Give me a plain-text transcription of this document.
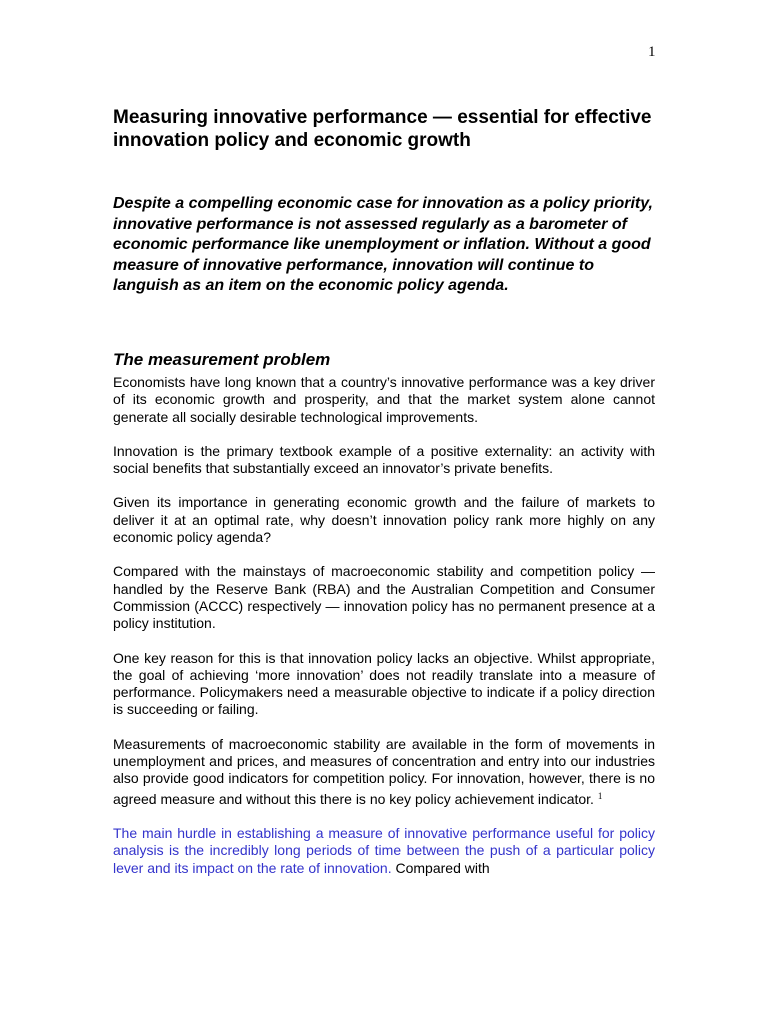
1
Measuring innovative performance — essential for effective innovation policy and economic growth

Despite a compelling economic case for innovation as a policy priority, innovative performance is not assessed regularly as a barometer of economic performance like unemployment or inflation. Without a good measure of innovative performance, innovation will continue to languish as an item on the economic policy agenda.

The measurement problem

Economists have long known that a country’s innovative performance was a key driver of its economic growth and prosperity, and that the market system alone cannot generate all socially desirable technological improvements.

Innovation is the primary textbook example of a positive externality: an activity with social benefits that substantially exceed an innovator’s private benefits.

Given its importance in generating economic growth and the failure of markets to deliver it at an optimal rate, why doesn’t innovation policy rank more highly on any economic policy agenda?

Compared with the mainstays of macroeconomic stability and competition policy — handled by the Reserve Bank (RBA) and the Australian Competition and Consumer Commission (ACCC) respectively — innovation policy has no permanent presence at a policy institution.

One key reason for this is that innovation policy lacks an objective. Whilst appropriate, the goal of achieving ‘more innovation’ does not readily translate into a measure of performance. Policymakers need a measurable objective to indicate if a policy direction is succeeding or failing.

Measurements of macroeconomic stability are available in the form of movements in unemployment and prices, and measures of concentration and entry into our industries also provide good indicators for competition policy. For innovation, however, there is no agreed measure and without this there is no key policy achievement indicator. $^1$

The main hurdle in establishing a measure of innovative performance useful for policy analysis is the incredibly long periods of time between the push of a particular policy lever and its impact on the rate of innovation. Compared with
